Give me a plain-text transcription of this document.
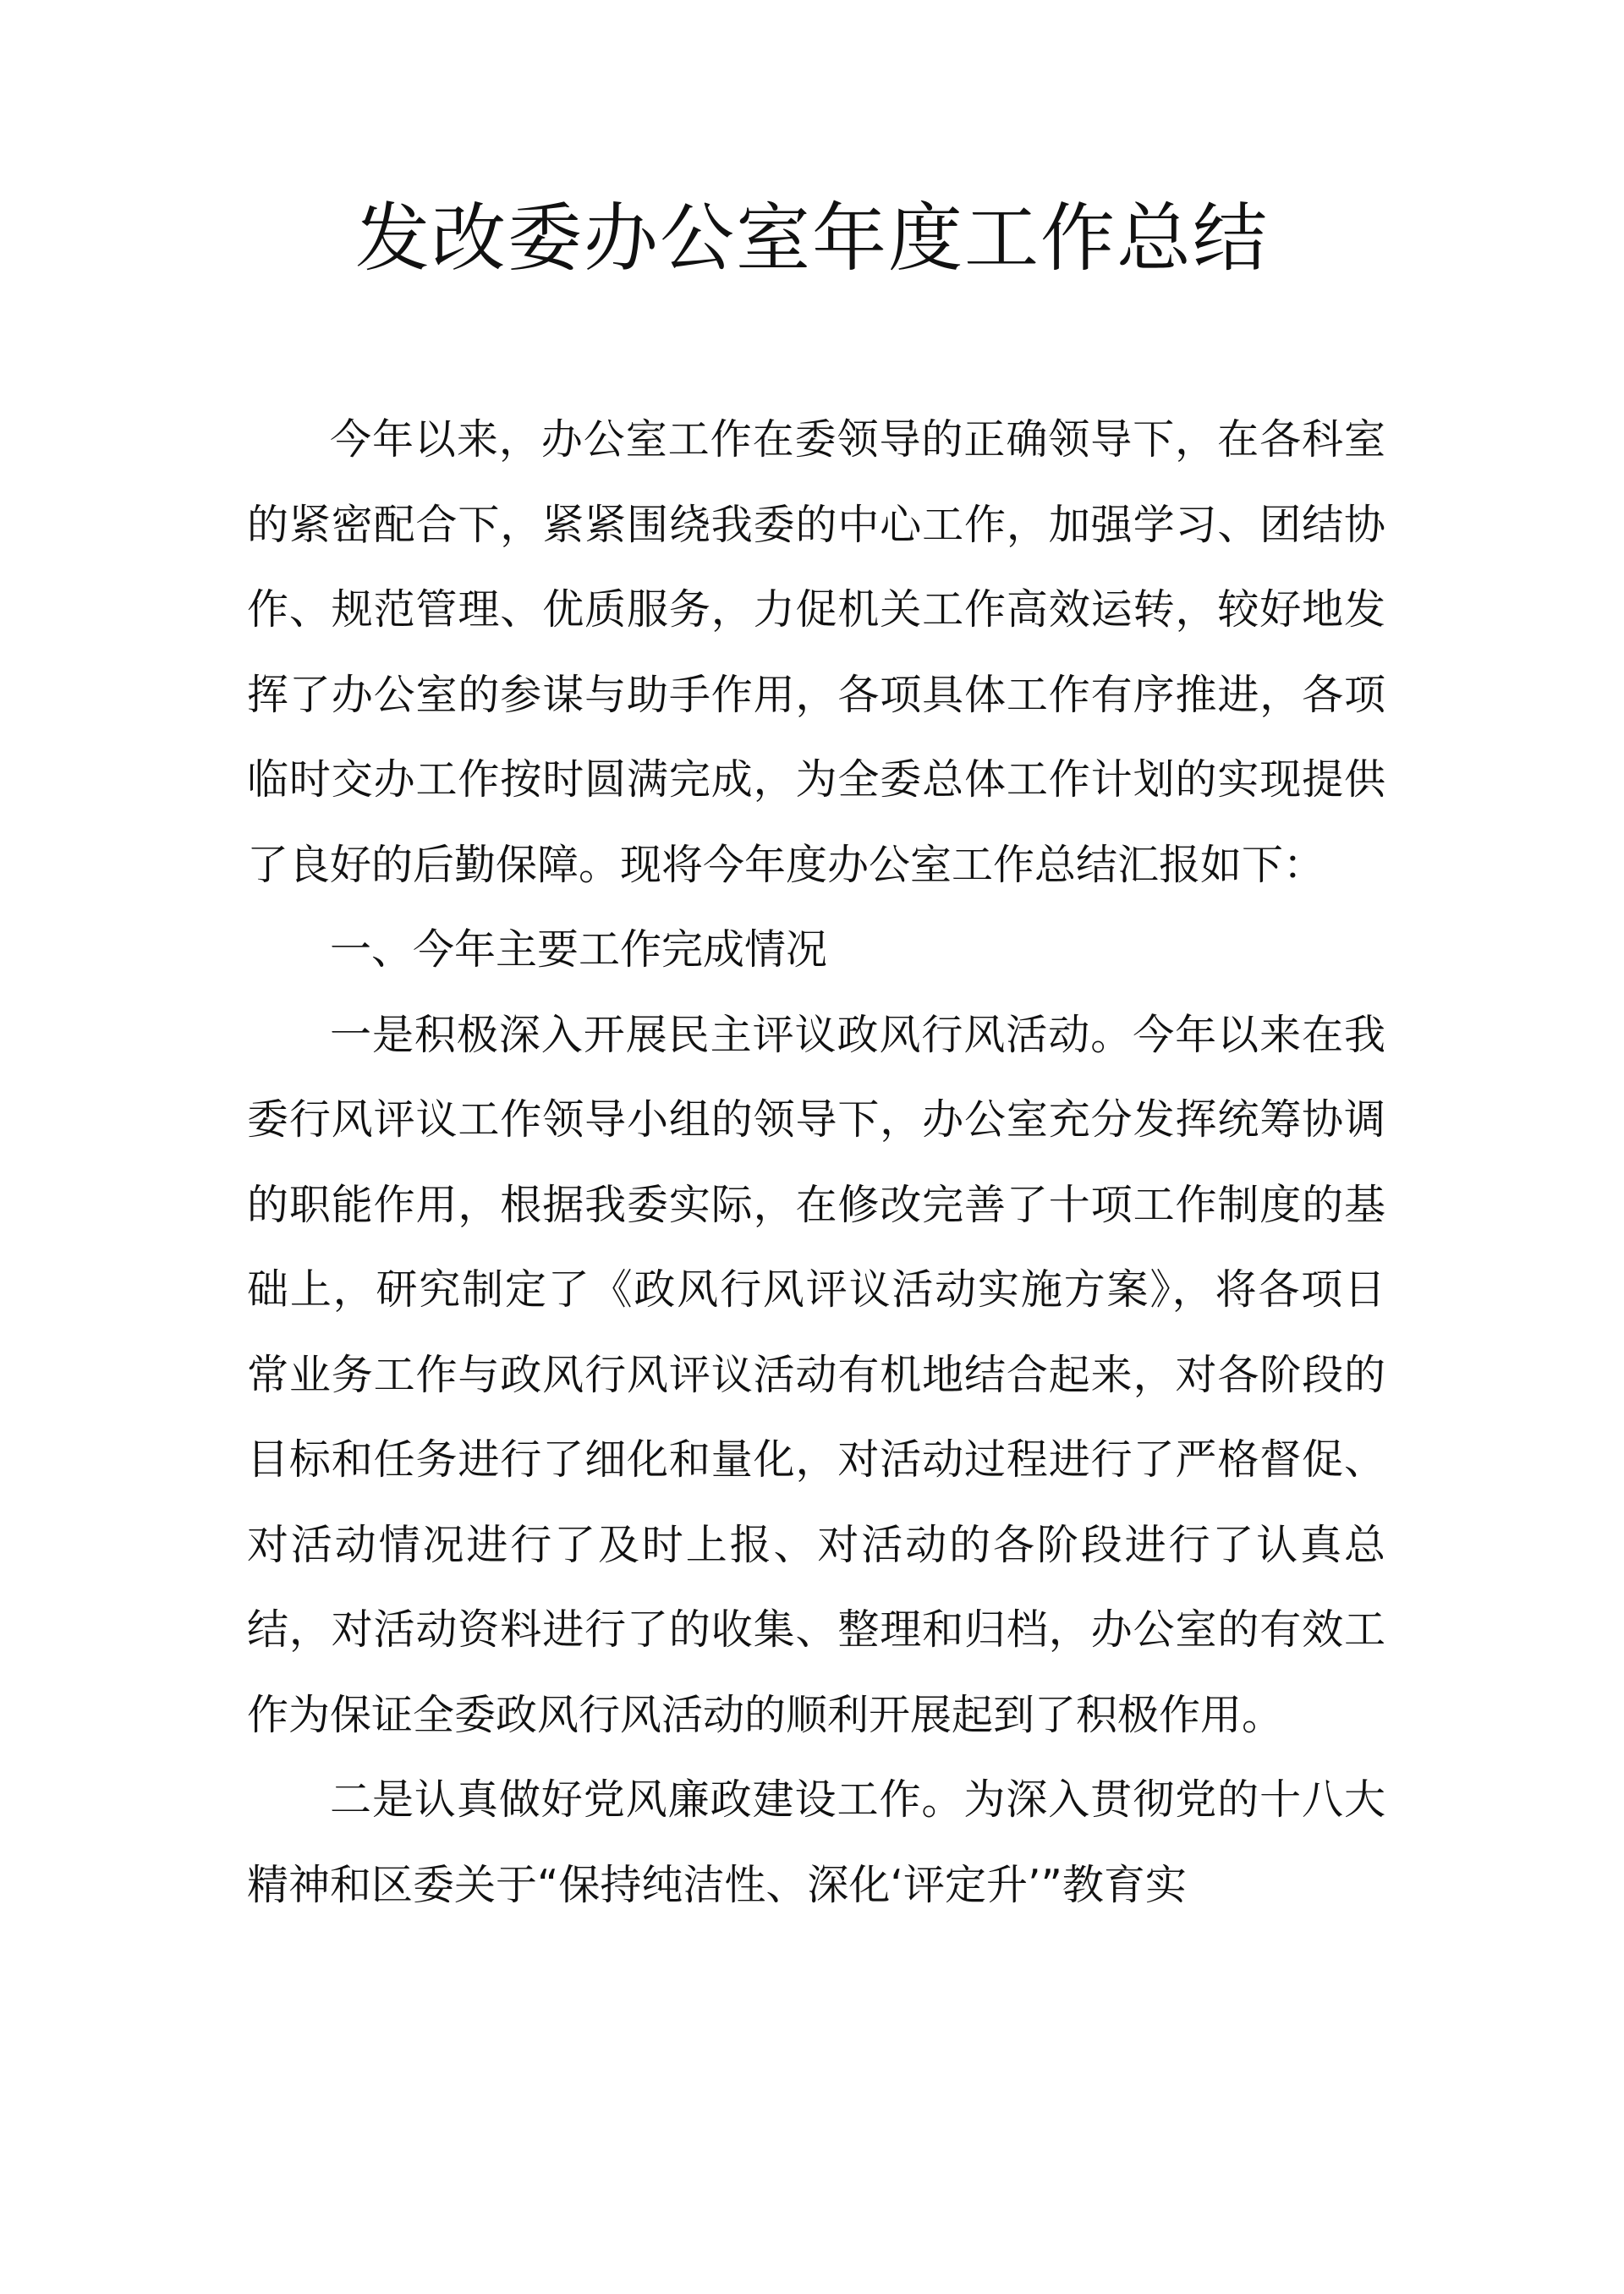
发改委办公室年度工作总结

今年以来，办公室工作在委领导的正确领导下，在各科室的紧密配合下，紧紧围绕我委的中心工作，加强学习、团结协作、规范管理、优质服务，力促机关工作高效运转，较好地发挥了办公室的参谋与助手作用，各项具体工作有序推进，各项临时交办工作按时圆满完成，为全委总体工作计划的实现提供了良好的后勤保障。现将今年度办公室工作总结汇报如下：

一、今年主要工作完成情况

一是积极深入开展民主评议政风行风活动。今年以来在我委行风评议工作领导小组的领导下，办公室充分发挥统筹协调的职能作用，根据我委实际，在修改完善了十项工作制度的基础上，研究制定了《政风行风评议活动实施方案》，将各项日常业务工作与政风行风评议活动有机地结合起来，对各阶段的目标和任务进行了细化和量化，对活动过程进行了严格督促、对活动情况进行了及时上报、对活动的各阶段进行了认真总结，对活动资料进行了的收集、整理和归档，办公室的有效工作为保证全委政风行风活动的顺利开展起到了积极作用。

二是认真做好党风廉政建设工作。为深入贯彻党的十八大精神和区委关于“保持纯洁性、深化‘评定升’”教育实
